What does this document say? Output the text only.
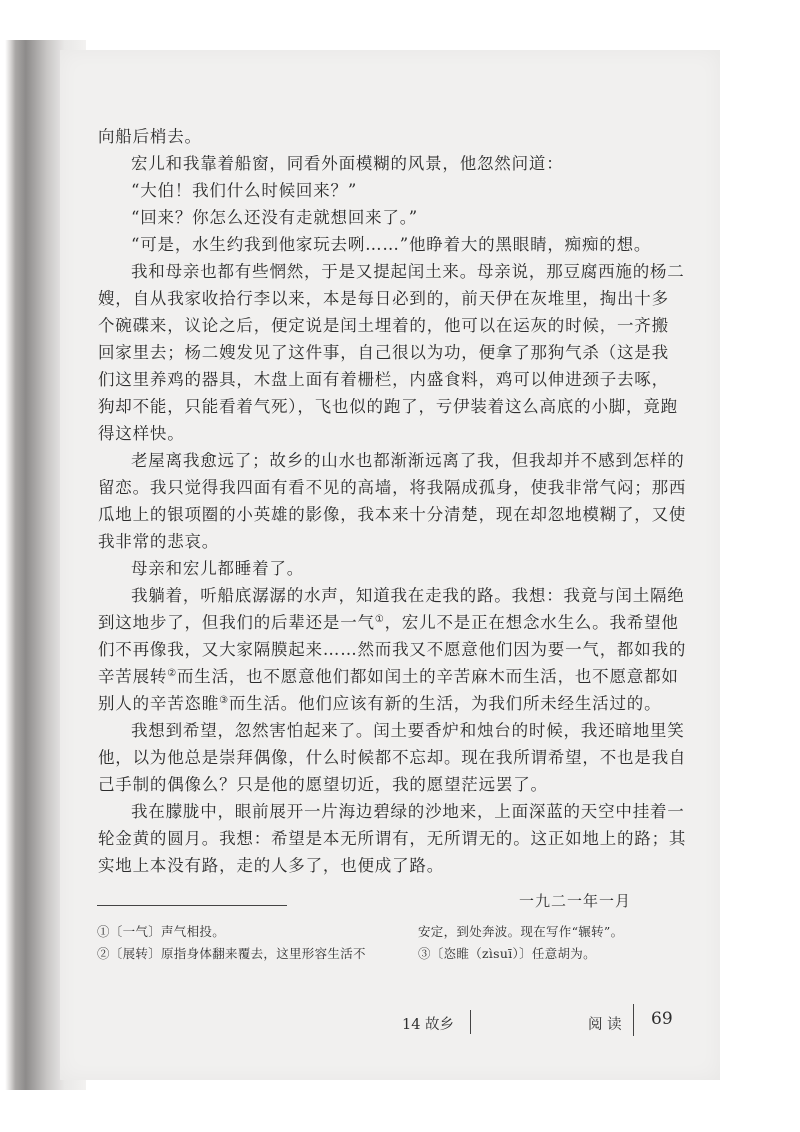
向船后梢去。
宏儿和我靠着船窗，同看外面模糊的风景，他忽然问道：
“大伯！我们什么时候回来？”
“回来？你怎么还没有走就想回来了。”
“可是，水生约我到他家玩去咧……”他睁着大的黑眼睛，痴痴的想。
我和母亲也都有些惘然，于是又提起闰土来。母亲说，那豆腐西施的杨二
嫂，自从我家收拾行李以来，本是每日必到的，前天伊在灰堆里，掏出十多
个碗碟来，议论之后，便定说是闰土埋着的，他可以在运灰的时候，一齐搬
回家里去；杨二嫂发见了这件事，自己很以为功，便拿了那狗气杀（这是我
们这里养鸡的器具，木盘上面有着栅栏，内盛食料，鸡可以伸进颈子去啄，
狗却不能，只能看着气死），飞也似的跑了，亏伊装着这么高底的小脚，竟跑
得这样快。
老屋离我愈远了；故乡的山水也都渐渐远离了我，但我却并不感到怎样的
留恋。我只觉得我四面有看不见的高墙，将我隔成孤身，使我非常气闷；那西
瓜地上的银项圈的小英雄的影像，我本来十分清楚，现在却忽地模糊了，又使
我非常的悲哀。
母亲和宏儿都睡着了。
我躺着，听船底潺潺的水声，知道我在走我的路。我想：我竟与闰土隔绝
到这地步了，但我们的后辈还是一气①，宏儿不是正在想念水生么。我希望他
们不再像我，又大家隔膜起来……然而我又不愿意他们因为要一气，都如我的
辛苦展转②而生活，也不愿意他们都如闰土的辛苦麻木而生活，也不愿意都如
别人的辛苦恣睢③而生活。他们应该有新的生活，为我们所未经生活过的。
我想到希望，忽然害怕起来了。闰土要香炉和烛台的时候，我还暗地里笑
他，以为他总是崇拜偶像，什么时候都不忘却。现在我所谓希望，不也是我自
己手制的偶像么？只是他的愿望切近，我的愿望茫远罢了。
我在朦胧中，眼前展开一片海边碧绿的沙地来，上面深蓝的天空中挂着一
轮金黄的圆月。我想：希望是本无所谓有，无所谓无的。这正如地上的路；其
实地上本没有路，走的人多了，也便成了路。
一九二一年一月
①〔一气〕声气相投。
②〔展转〕原指身体翻来覆去，这里形容生活不
安定，到处奔波。现在写作“辗转”。
③〔恣睢（zìsuī）〕任意胡为。
14 故乡	阅 读 69
